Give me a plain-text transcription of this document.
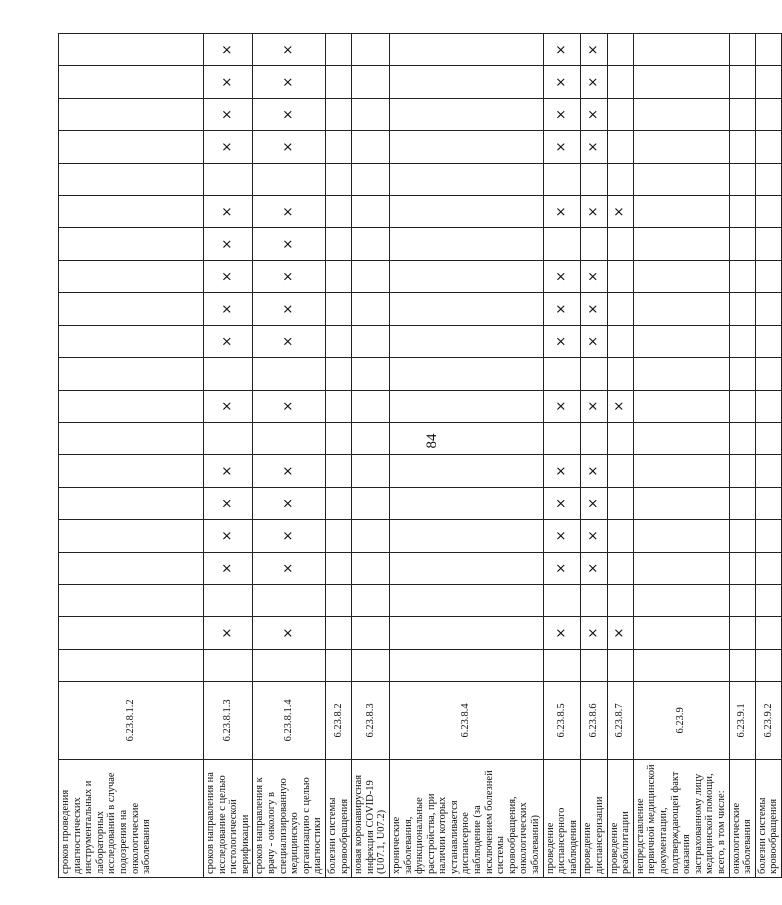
84
сроков проведения диагностических инструментальных и лабораторных исследований в случае подозрения на онкологические заболевания	6.23.8.1.2																				
сроков направления на исследование с целью гистологической верификации	6.23.8.1.3		×		×	×	×	×		×		×	×	×	×	×		×	×	×	×
сроков направления к врачу - онкологу в специализированную медицинскую организацию с целью диагностики	6.23.8.1.4		×		×	×	×	×		×		×	×	×	×	×		×	×	×	×
болезни системы кровообращения	6.23.8.2																				
новая коронавирусная инфекция COVID-19 (U07.1, U07.2)	6.23.8.3																				
хронические заболевания, функциональные расстройства, при наличии которых устанавливается диспансерное наблюдение (за исключением болезней системы кровообращения, онкологических заболеваний)	6.23.8.4																				
проведение диспансерного наблюдения	6.23.8.5		×		×	×	×	×		×		×	×	×		×		×	×	×	×
проведение диспансеризации	6.23.8.6		×		×	×	×	×		×		×	×	×		×		×	×	×	×
проведение реабилитации	6.23.8.7		×							×						×					
непредставление первичной медицинской документации, подтверждающей факт оказания застрахованному лицу медицинской помощи, всего, в том числе:	6.23.9																				
онкологические заболевания	6.23.9.1																				
болезни системы кровообращения	6.23.9.2																				
